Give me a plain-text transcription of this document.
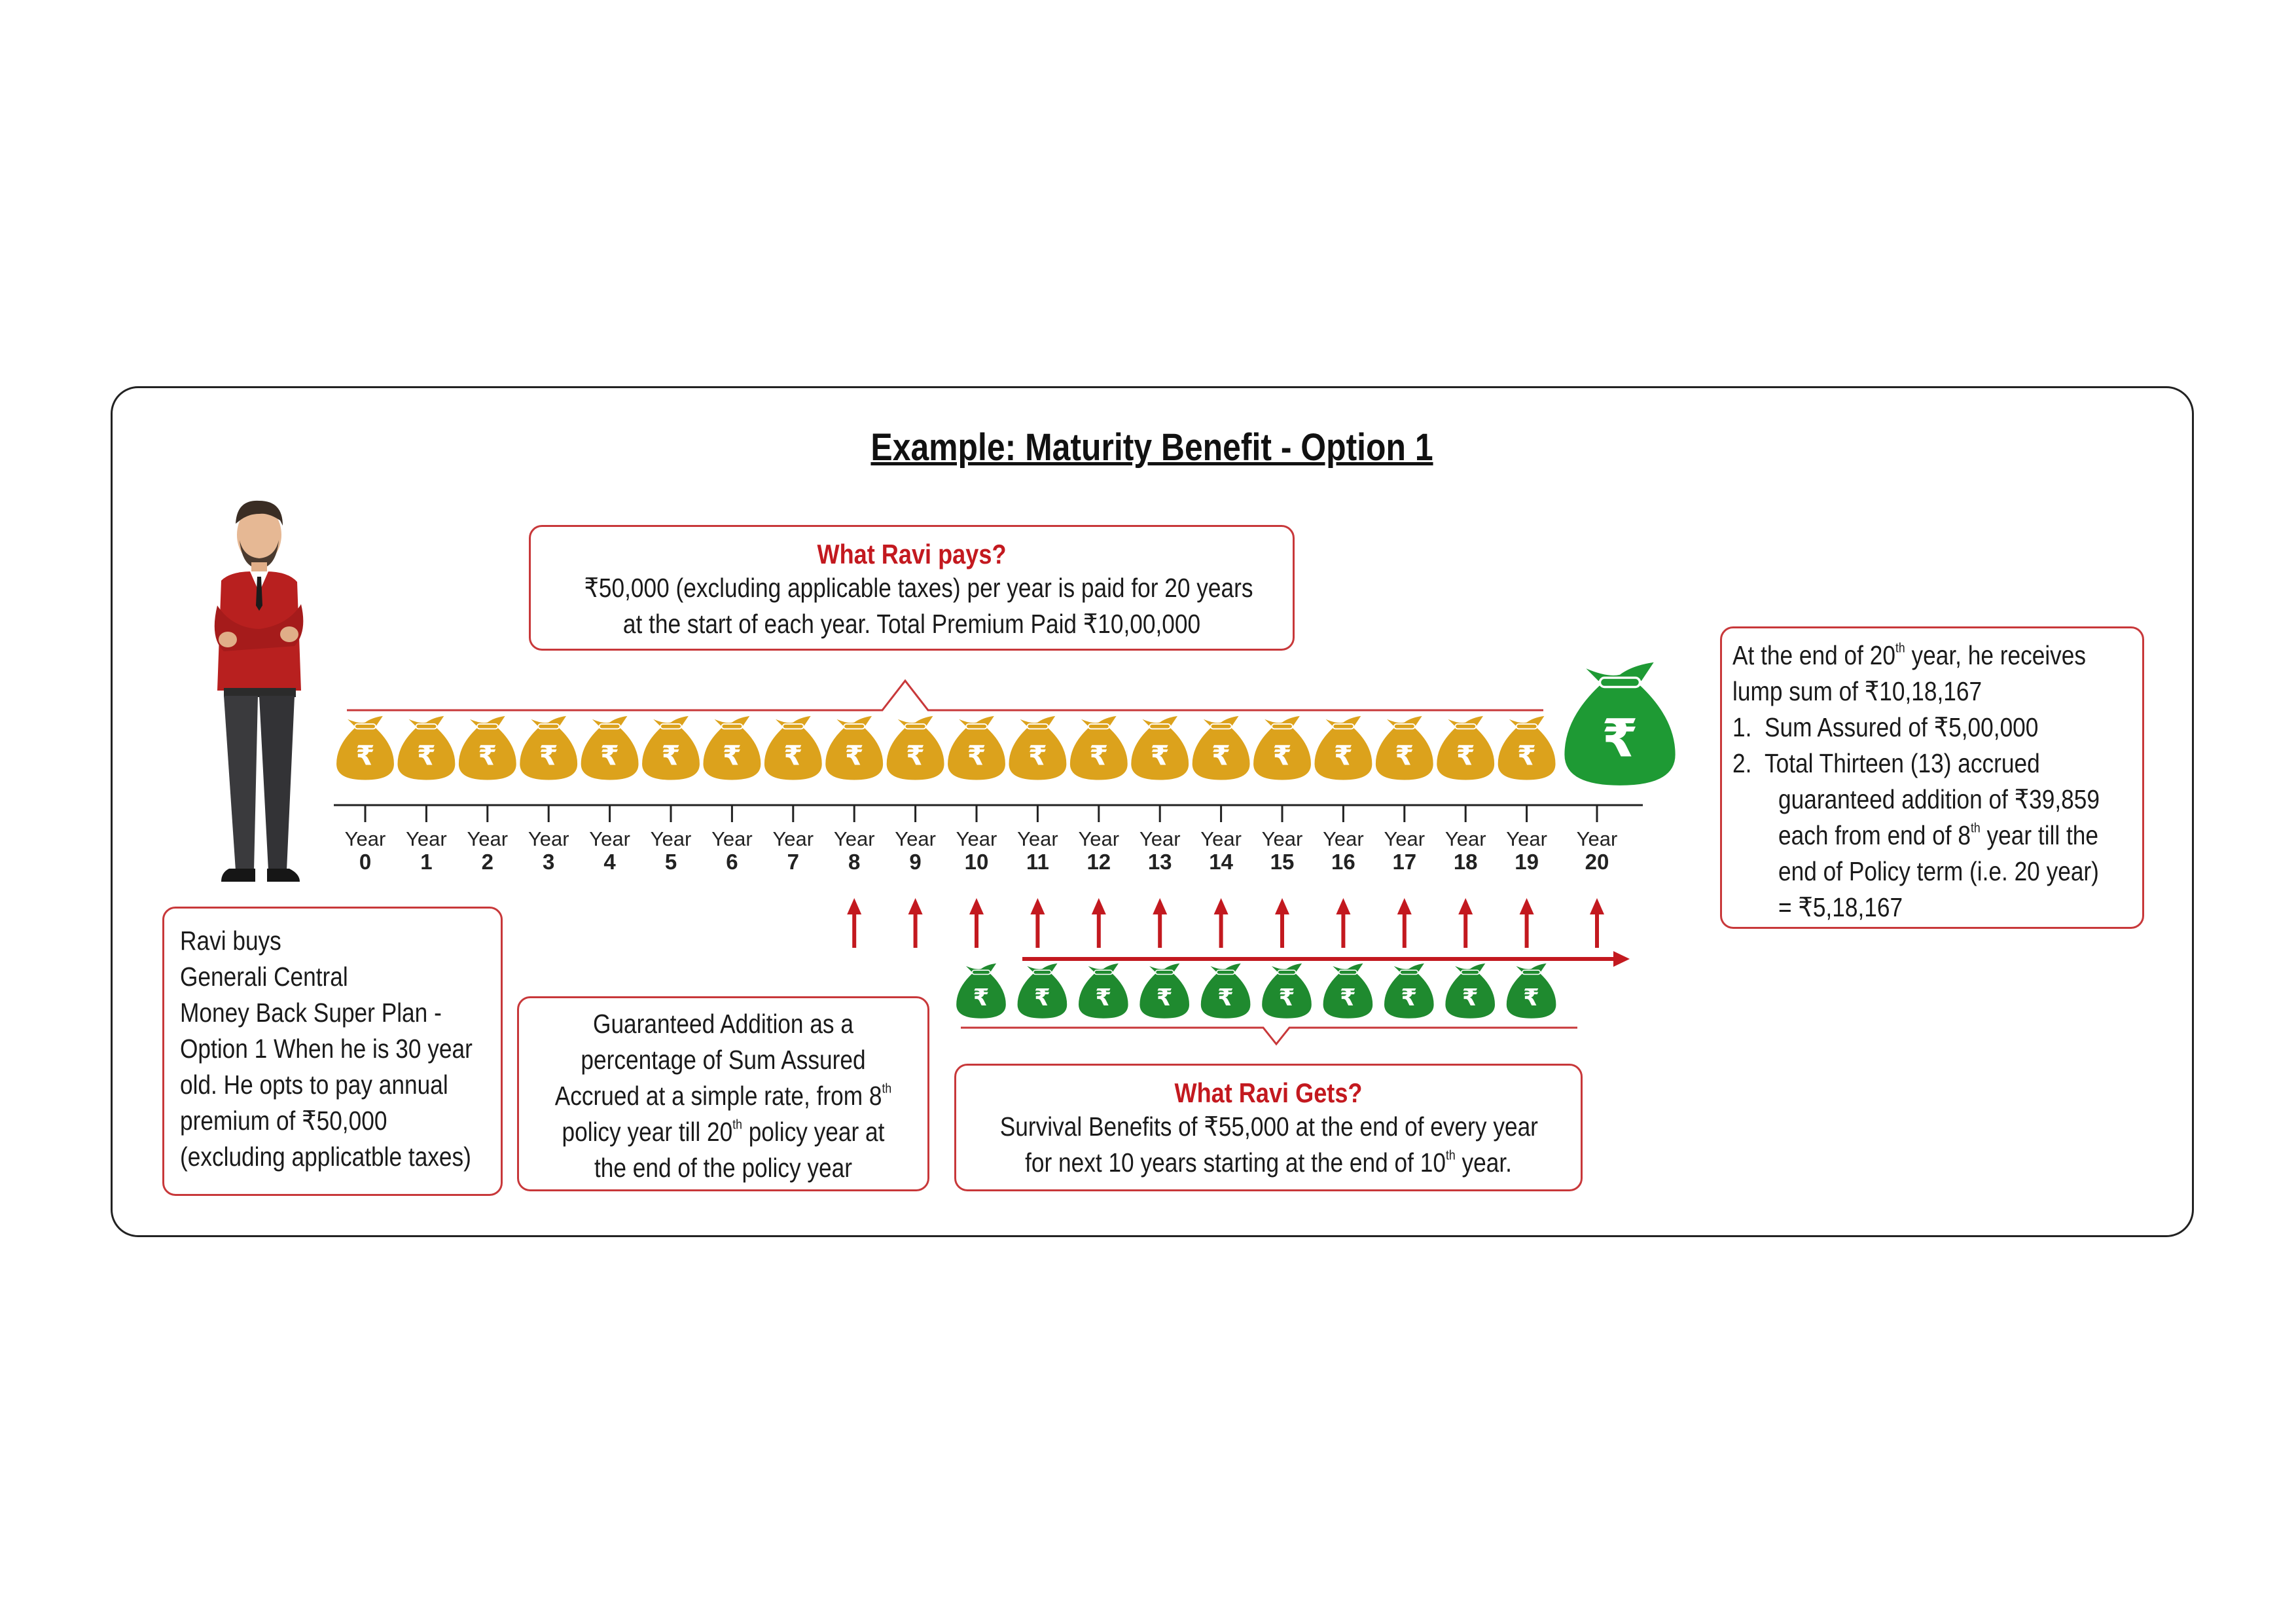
Example: Maturity Benefit - Option 1
₹ ₹ ₹ ₹ ₹ ₹ ₹ ₹ ₹ ₹ ₹ ₹ ₹ ₹ ₹ ₹ ₹ ₹ ₹ ₹	₹
Year
0
Year
1
Year
2
Year
3
Year
4
Year
5
Year
6
Year
7
Year
8
Year
9
Year
10
Year
11
Year
12
Year
13
Year
14
Year
15
Year
16
Year
17
Year
18
Year
19
Year
20
₹ ₹ ₹ ₹ ₹ ₹ ₹ ₹ ₹ ₹
What Ravi pays?
₹50,000 (excluding applicable taxes) per year is paid for 20 years
at the start of each year. Total Premium Paid ₹10,00,000
What Ravi Gets?
Survival Benefits of ₹55,000 at the end of every year
for next 10 years starting at the end of 10th year.
Guaranteed Addition as a
percentage of Sum Assured
Accrued at a simple rate, from 8th
policy year till 20th policy year at
the end of the policy year
Ravi buys
Generali Central
Money Back Super Plan -
Option 1 When he is 30 year
old. He opts to pay annual
premium of ₹50,000
(excluding applicatble taxes)
At the end of 20th year, he receives
lump sum of ₹10,18,167
1. Sum Assured of ₹5,00,000
2. Total Thirteen (13) accrued
guaranteed addition of ₹39,859
each from end of 8th year till the
end of Policy term (i.e. 20 year)
= ₹5,18,167
